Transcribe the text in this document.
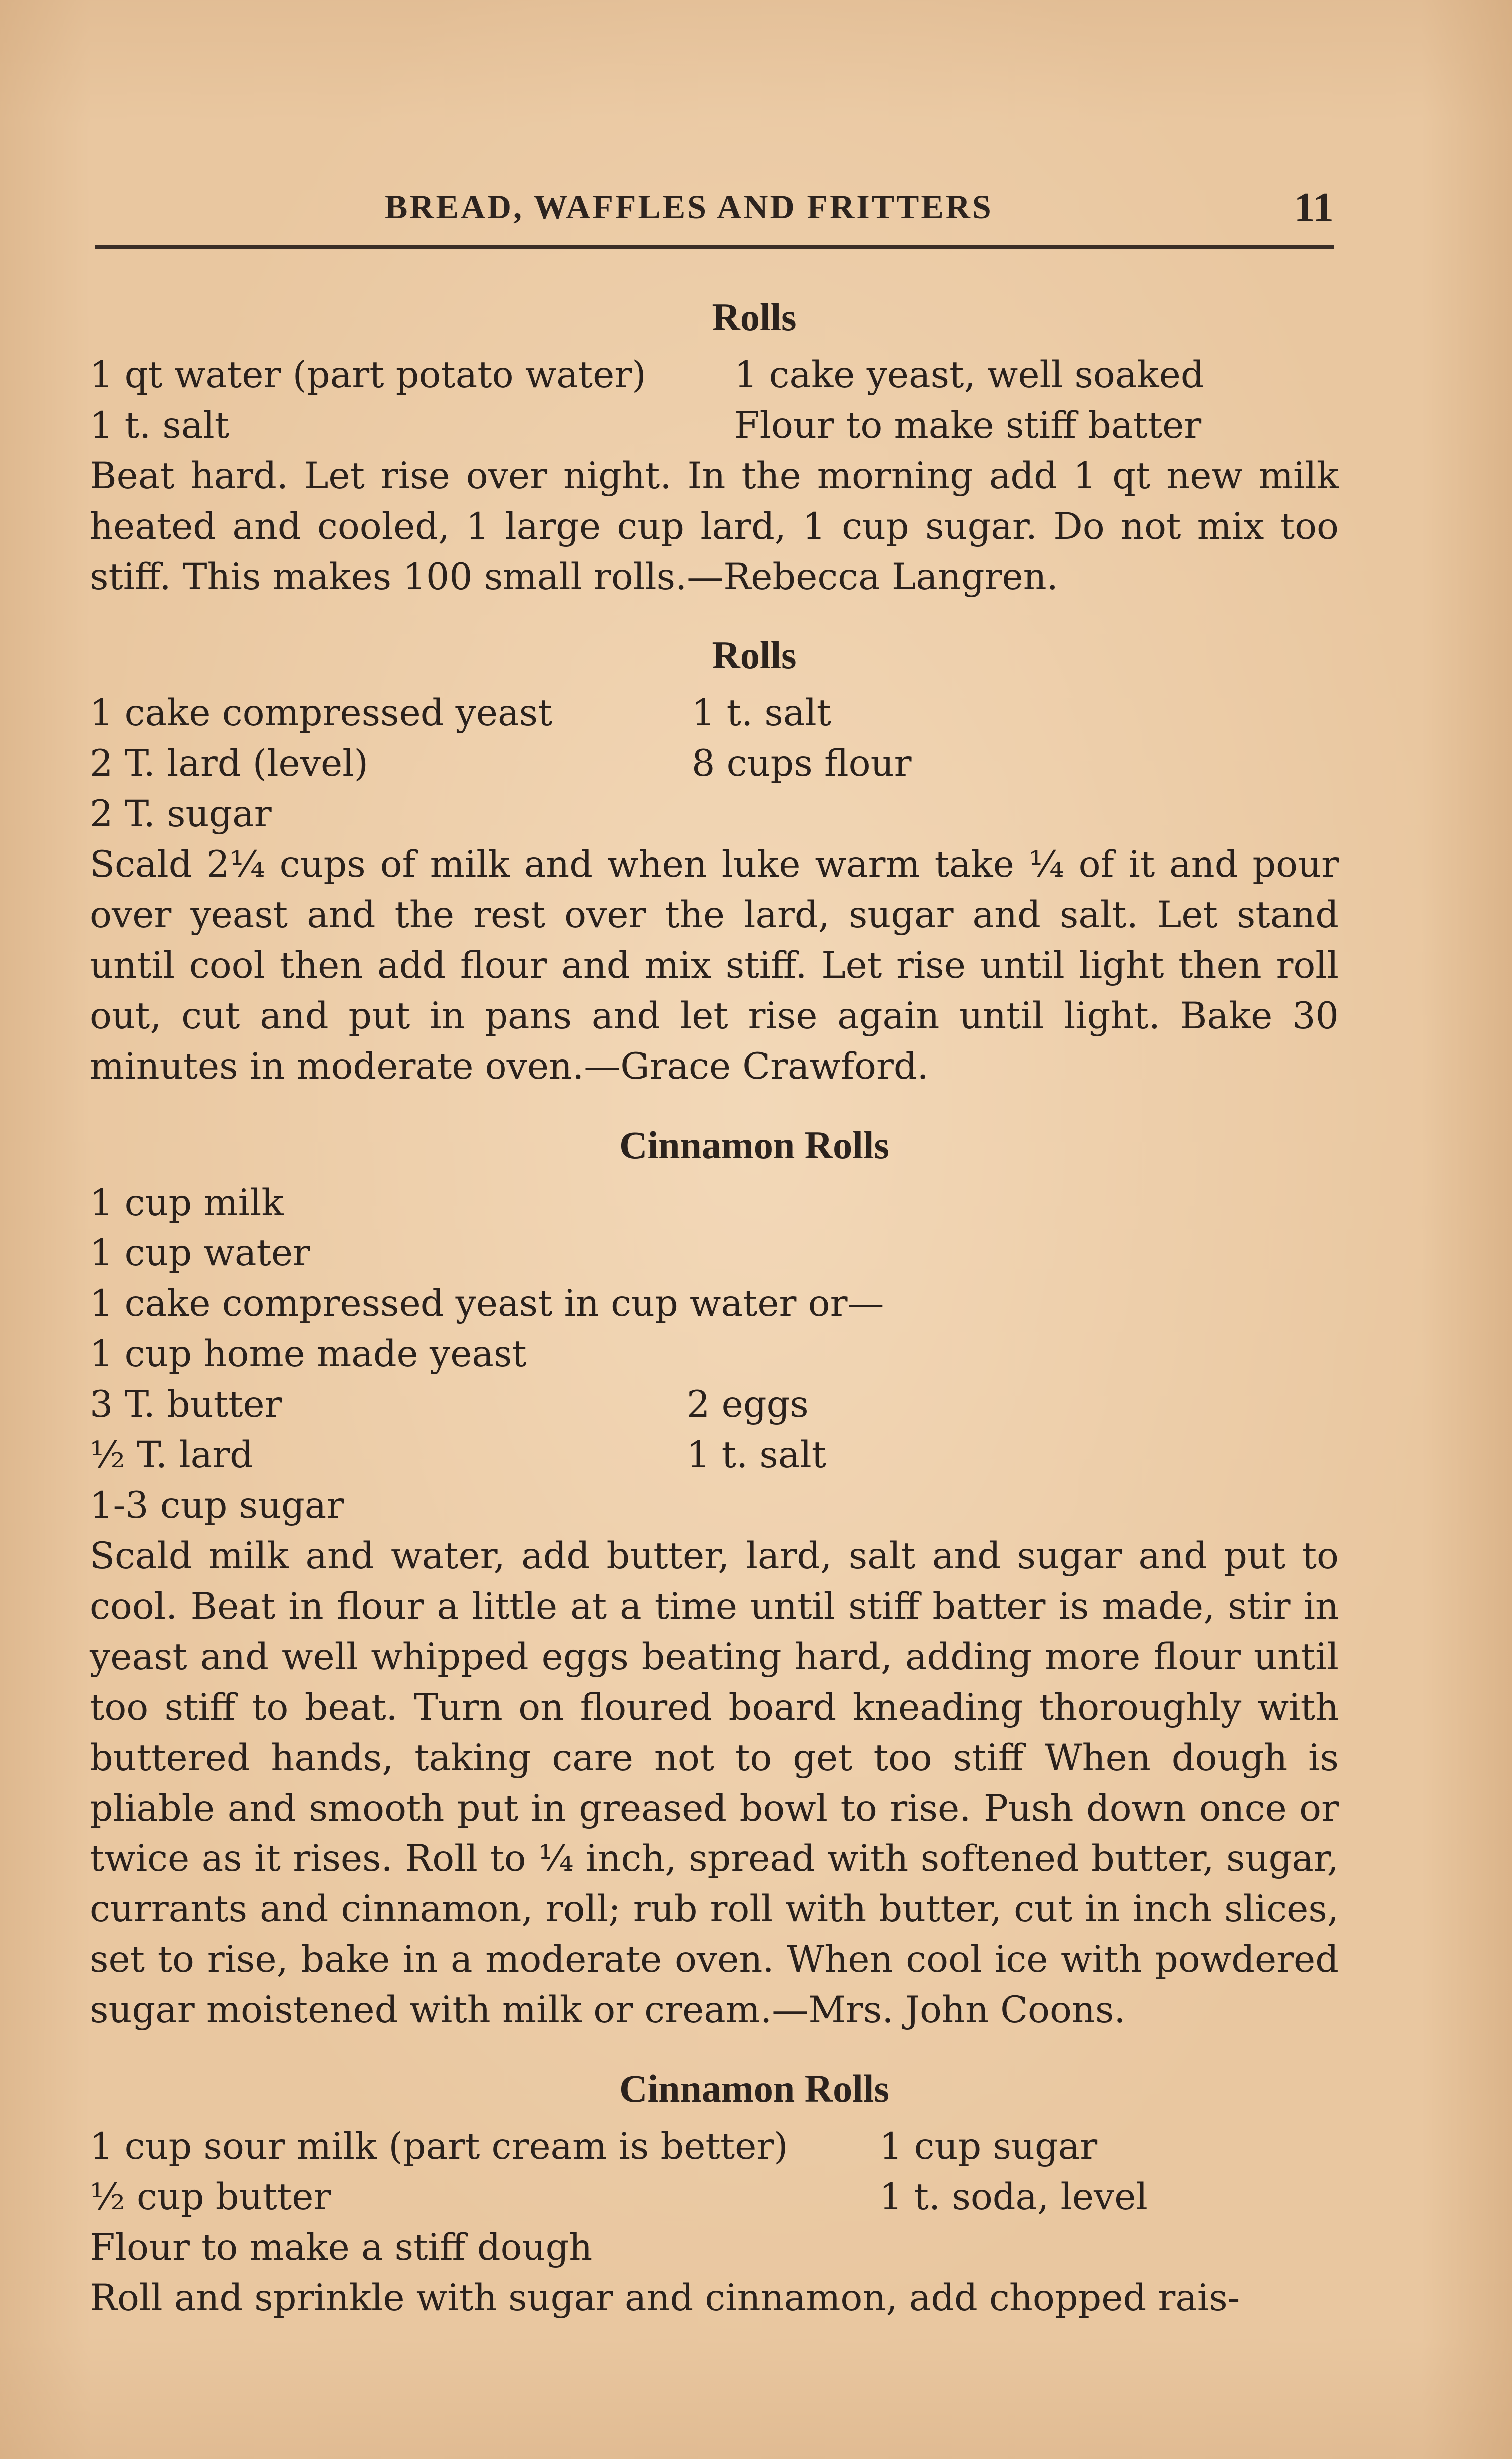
BREAD, WAFFLES AND FRITTERS	11
Rolls
1 qt water (part potato water)	1 cake yeast, well soaked
1 t. salt	Flour to make stiff batter

Beat hard. Let rise over night. In the morning add 1 qt new milk heated and cooled, 1 large cup lard, 1 cup sugar. Do not mix too stiff. This makes 100 small rolls.—Rebecca Langren.

Rolls
1 cake compressed yeast	1 t. salt
2 T. lard (level)	8 cups flour
2 T. sugar

Scald 2¼ cups of milk and when luke warm take ¼ of it and pour over yeast and the rest over the lard, sugar and salt. Let stand until cool then add flour and mix stiff. Let rise until light then roll out, cut and put in pans and let rise again until light. Bake 30 minutes in moderate oven.—Grace Crawford.

Cinnamon Rolls
1 cup milk
1 cup water
1 cake compressed yeast in cup water or—
1 cup home made yeast
3 T. butter	2 eggs
½ T. lard	1 t. salt
1-3 cup sugar

Scald milk and water, add butter, lard, salt and sugar and put to cool. Beat in flour a little at a time until stiff batter is made, stir in yeast and well whipped eggs beating hard, adding more flour until too stiff to beat. Turn on floured board kneading thoroughly with buttered hands, taking care not to get too stiff When dough is pliable and smooth put in greased bowl to rise. Push down once or twice as it rises. Roll to ¼ inch, spread with softened butter, sugar, currants and cinnamon, roll; rub roll with butter, cut in inch slices, set to rise, bake in a moderate oven. When cool ice with powdered sugar moistened with milk or cream.—Mrs. John Coons.

Cinnamon Rolls
1 cup sour milk (part cream is better)	1 cup sugar
½ cup butter	1 t. soda, level
Flour to make a stiff dough

Roll and sprinkle with sugar and cinnamon, add chopped rais-
